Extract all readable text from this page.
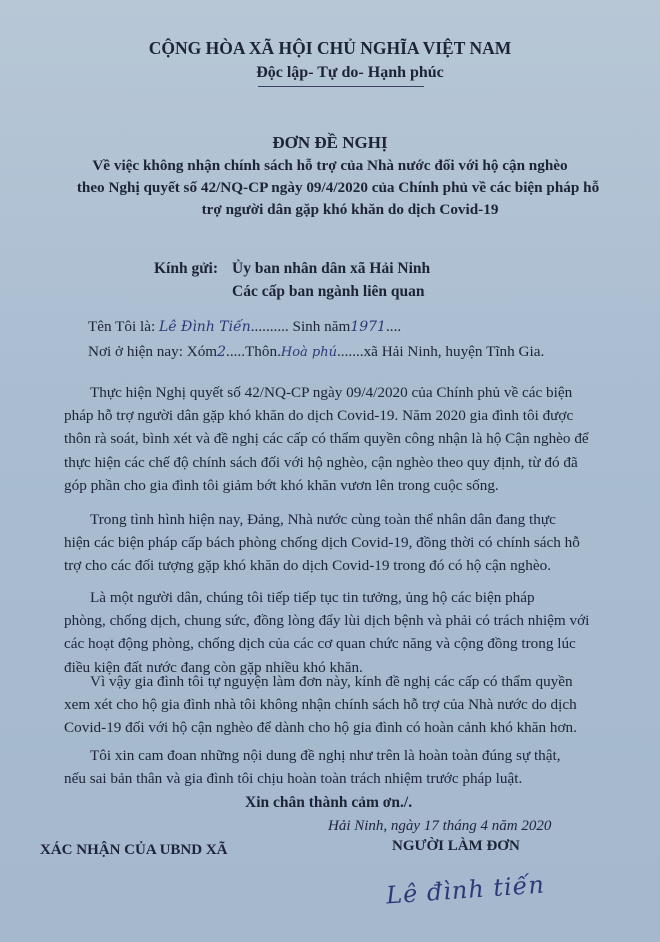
CỘNG HÒA XÃ HỘI CHỦ NGHĨA VIỆT NAM
Độc lập- Tự do- Hạnh phúc
ĐƠN ĐỀ NGHỊ
Về việc không nhận chính sách hỗ trợ của Nhà nước đối với hộ cận nghèo
theo Nghị quyết số 42/NQ-CP ngày 09/4/2020 của Chính phủ về các biện pháp hỗ
trợ người dân gặp khó khăn do dịch Covid-19
Kính gửi: Ủy ban nhân dân xã Hải Ninh
Các cấp ban ngành liên quan
Tên Tôi là: Lê Đình Tiến.......... Sinh năm1971....
Nơi ở hiện nay: Xóm2.....Thôn.Hoà phú.......xã Hải Ninh, huyện Tĩnh Gia.
Thực hiện Nghị quyết số 42/NQ-CP ngày 09/4/2020 của Chính phủ về các biện
pháp hỗ trợ người dân gặp khó khăn do dịch Covid-19. Năm 2020 gia đình tôi được
thôn rà soát, bình xét và đề nghị các cấp có thẩm quyền công nhận là hộ Cận nghèo để
thực hiện các chế độ chính sách đối với hộ nghèo, cận nghèo theo quy định, từ đó đã
góp phần cho gia đình tôi giảm bớt khó khăn vươn lên trong cuộc sống.
Trong tình hình hiện nay, Đảng, Nhà nước cùng toàn thể nhân dân đang thực
hiện các biện pháp cấp bách phòng chống dịch Covid-19, đồng thời có chính sách hỗ
trợ cho các đối tượng gặp khó khăn do dịch Covid-19 trong đó có hộ cận nghèo.
Là một người dân, chúng tôi tiếp tiếp tục tin tưởng, ủng hộ các biện pháp
phòng, chống dịch, chung sức, đồng lòng đẩy lùi dịch bệnh và phải có trách nhiệm với
các hoạt động phòng, chống dịch của các cơ quan chức năng và cộng đồng trong lúc
điều kiện đất nước đang còn gặp nhiều khó khăn.
Vì vậy gia đình tôi tự nguyện làm đơn này, kính đề nghị các cấp có thẩm quyền
xem xét cho hộ gia đình nhà tôi không nhận chính sách hỗ trợ của Nhà nước do dịch
Covid-19 đối với hộ cận nghèo để dành cho hộ gia đình có hoàn cảnh khó khăn hơn.
Tôi xin cam đoan những nội dung đề nghị như trên là hoàn toàn đúng sự thật,
nếu sai bản thân và gia đình tôi chịu hoàn toàn trách nhiệm trước pháp luật.
Xin chân thành cảm ơn./.
Hải Ninh, ngày 17 tháng 4 năm 2020
XÁC NHẬN CỦA UBND XÃ	NGƯỜI LÀM ĐƠN
Lê đình tiến
